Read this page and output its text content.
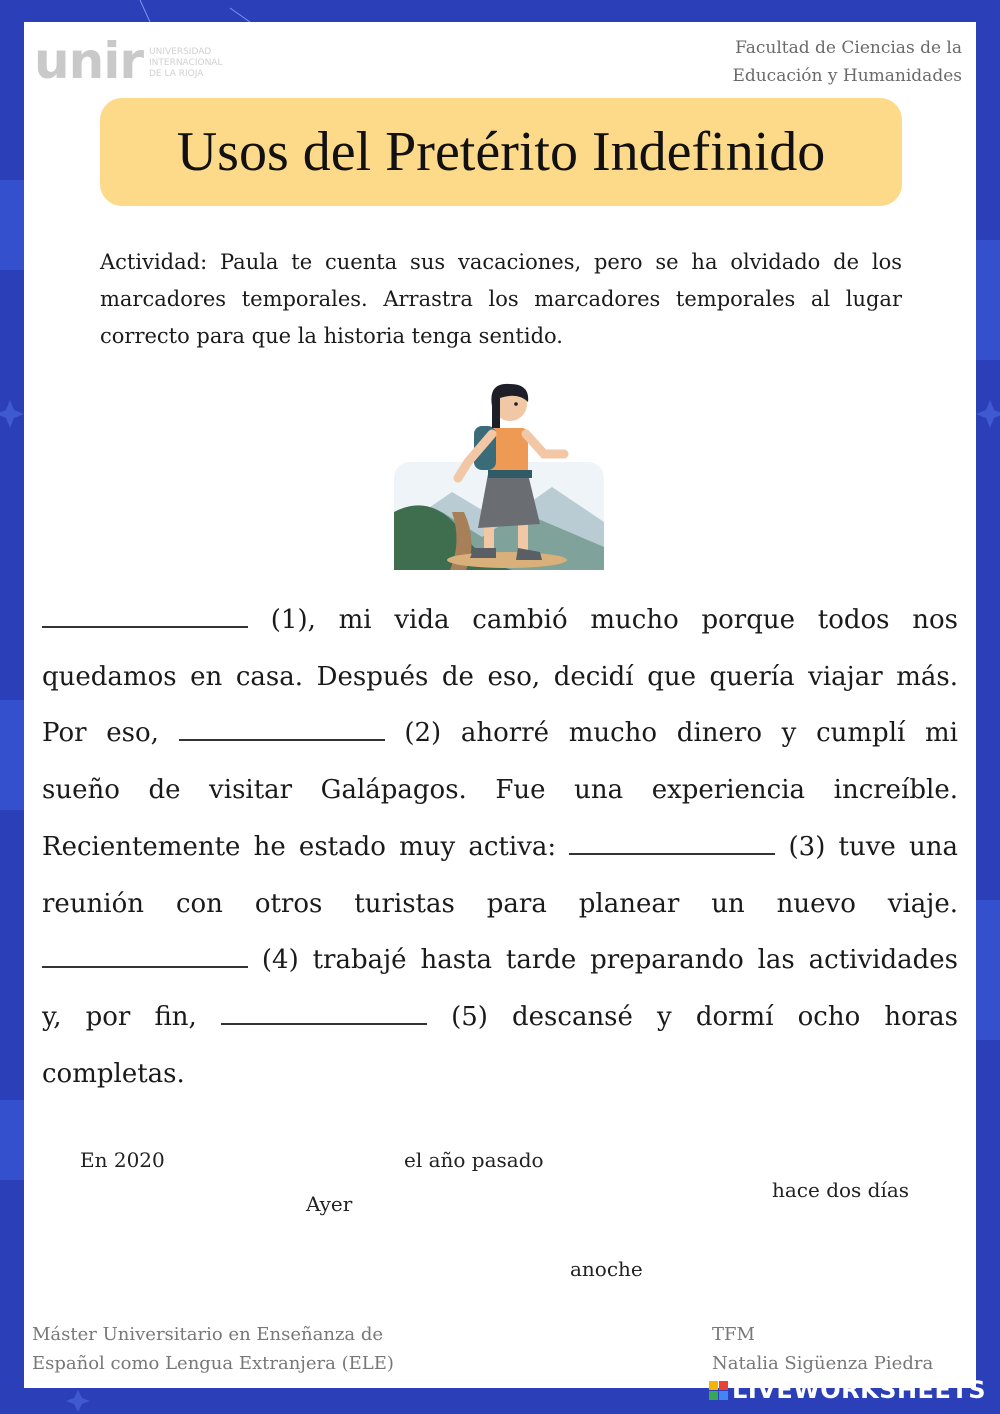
unir UNIVERSIDAD
INTERNACIONAL
DE LA RIOJA
Facultad de Ciencias de la Educación y Humanidades
Usos del Pretérito Indefinido
Actividad: Paula te cuenta sus vacaciones, pero se ha olvidado de los marcadores temporales. Arrastra los marcadores temporales al lugar correcto para que la historia tenga sentido.
(1), mi vida cambió mucho porque todos nos quedamos en casa. Después de eso, decidí que quería viajar más. Por eso,	(2) ahorré mucho dinero y cumplí mi sueño de visitar Galápagos. Fue una experiencia increíble. Recientemente he estado muy activa:	(3) tuve una reunión con otros turistas para planear un nuevo viaje.  (4) trabajé hasta tarde preparando las actividades y, por fin,	(5) descansé y dormí ocho horas completas.
En 2020	el año pasado
hace dos días
Ayer
anoche
Máster Universitario en Enseñanza de Español como Lengua Extranjera (ELE)
TFM
Natalia Sigüenza Piedra
LIVEWORKSHEETS
